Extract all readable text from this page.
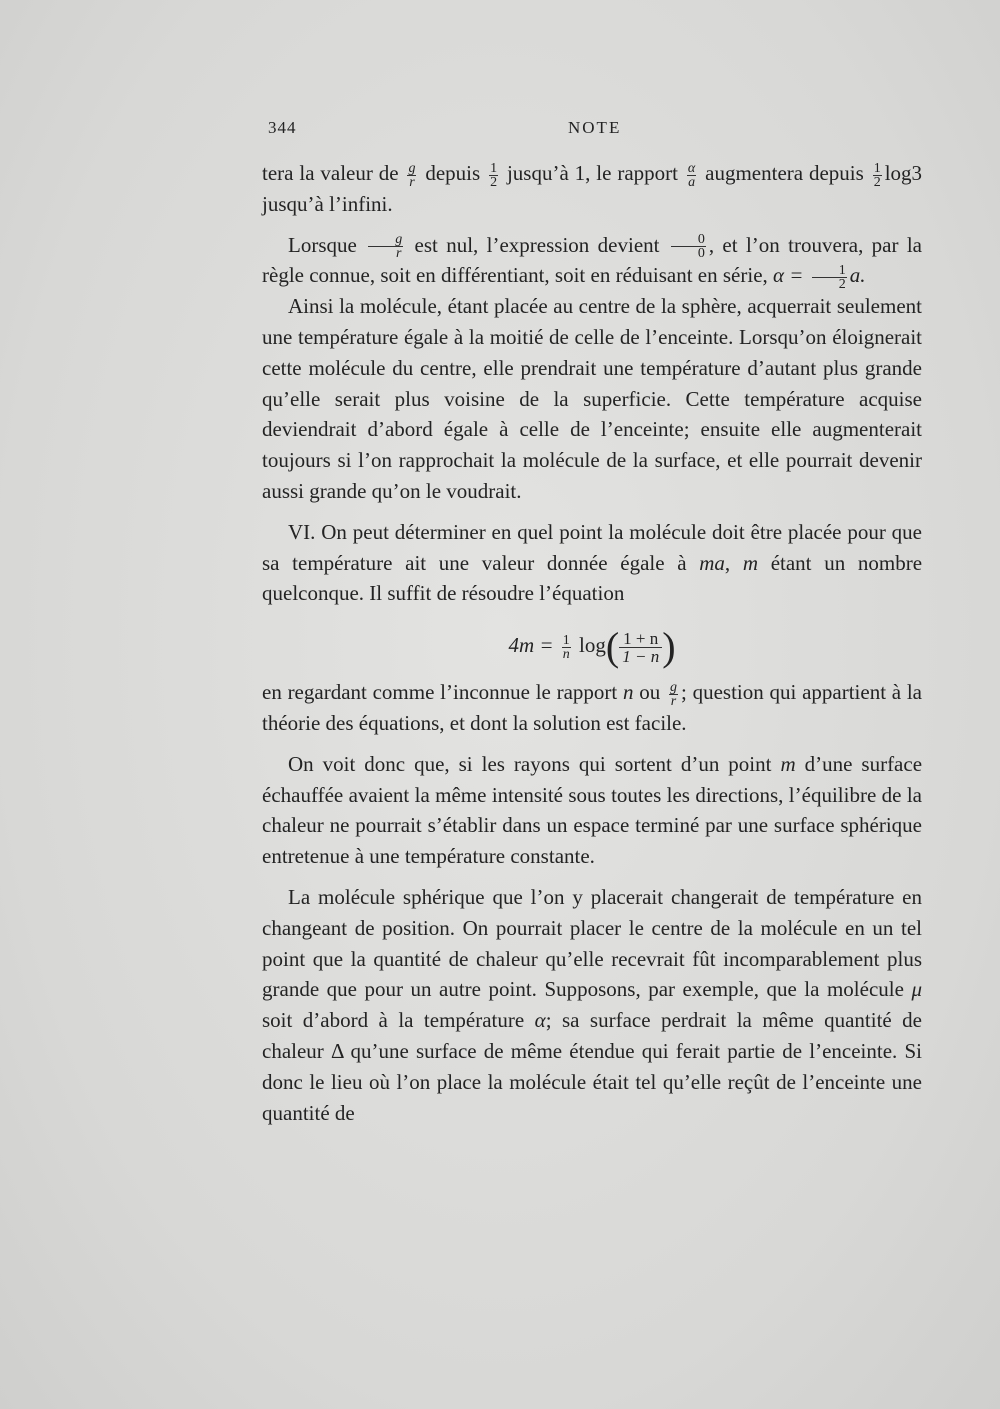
344	NOTE

tera la valeur de $\frac{g}{r}$ depuis $\frac{1}{2}$ jusqu’à 1, le rapport $\frac{\alpha}{a}$ augmentera depuis $\frac{1}{2} \log 3$ jusqu’à l’infini.

Lorsque $\frac{g}{r}$ est nul, l’expression devient $\frac{0}{0}$ , et l’on trouvera, par la règle connue, soit en différentiant, soit en réduisant en série, $\alpha = \frac{1}{2} a$.

Ainsi la molécule, étant placée au centre de la sphère, acquerrait seulement une température égale à la moitié de celle de l’enceinte. Lorsqu’on éloignerait cette molécule du centre, elle prendrait une température d’autant plus grande qu’elle serait plus voisine de la superficie. Cette température acquise deviendrait d’abord égale à celle de l’enceinte; ensuite elle augmenterait toujours si l’on rapprochait la molécule de la surface, et elle pourrait devenir aussi grande qu’on le voudrait.

VI. On peut déterminer en quel point la molécule doit être placée pour que sa température ait une valeur donnée égale à ma, m étant un nombre quelconque. Il suffit de résoudre l’équation

$4m = \frac{1}{n} \log( \frac{1 + n}{1 - n}$ )

en regardant comme l’inconnue le rapport n ou $\frac{g}{r}$ ; question qui appartient à la théorie des équations, et dont la solution est facile.

On voit donc que, si les rayons qui sortent d’un point m d’une surface échauffée avaient la même intensité sous toutes les directions, l’équilibre de la chaleur ne pourrait s’établir dans un espace terminé par une surface sphérique entretenue à une température constante.

La molécule sphérique que l’on y placerait changerait de température en changeant de position. On pourrait placer le centre de la molécule en un tel point que la quantité de chaleur qu’elle recevrait fût incomparablement plus grande que pour un autre point. Supposons, par exemple, que la molécule μ soit d’abord à la température α; sa surface perdrait la même quantité de chaleur Δ qu’une surface de même étendue qui ferait partie de l’enceinte. Si donc le lieu où l’on place la molécule était tel qu’elle reçût de l’enceinte une quantité de
